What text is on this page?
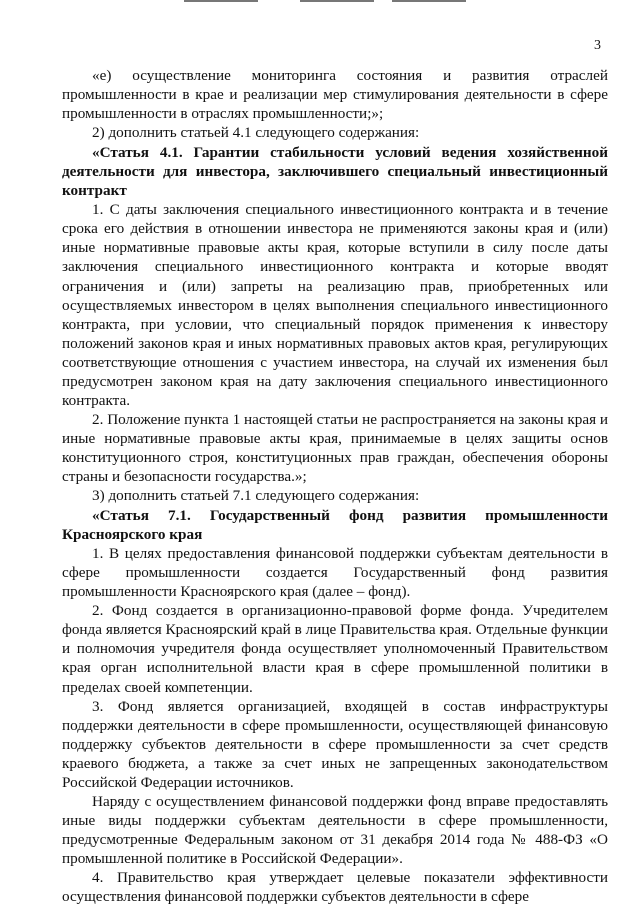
3

«е) осуществление мониторинга состояния и развития отраслей промышленности в крае и реализации мер стимулирования деятельности в сфере промышленности в отраслях промышленности;»;

2) дополнить статьей 4.1 следующего содержания:

«Статья 4.1. Гарантии стабильности условий ведения хозяйственной деятельности для инвестора, заключившего специальный инвестиционный контракт

1. С даты заключения специального инвестиционного контракта и в течение срока его действия в отношении инвестора не применяются законы края и (или) иные нормативные правовые акты края, которые вступили в силу после даты заключения специального инвестиционного контракта и которые вводят ограничения и (или) запреты на реализацию прав, приобретенных или осуществляемых инвестором в целях выполнения специального инвестиционного контракта, при условии, что специальный порядок применения к инвестору положений законов края и иных нормативных правовых актов края, регулирующих соответствующие отношения с участием инвестора, на случай их изменения был предусмотрен законом края на дату заключения специального инвестиционного контракта.

2. Положение пункта 1 настоящей статьи не распространяется на законы края и иные нормативные правовые акты края, принимаемые в целях защиты основ конституционного строя, конституционных прав граждан, обеспечения обороны страны и безопасности государства.»;

3) дополнить статьей 7.1 следующего содержания:

«Статья 7.1. Государственный фонд развития промышленности Красноярского края

1. В целях предоставления финансовой поддержки субъектам деятельности в сфере промышленности создается Государственный фонд развития промышленности Красноярского края (далее – фонд).

2. Фонд создается в организационно-правовой форме фонда. Учредителем фонда является Красноярский край в лице Правительства края. Отдельные функции и полномочия учредителя фонда осуществляет уполномоченный Правительством края орган исполнительной власти края в сфере промышленной политики в пределах своей компетенции.

3. Фонд является организацией, входящей в состав инфраструктуры поддержки деятельности в сфере промышленности, осуществляющей финансовую поддержку субъектов деятельности в сфере промышленности за счет средств краевого бюджета, а также за счет иных не запрещенных законодательством Российской Федерации источников.

Наряду с осуществлением финансовой поддержки фонд вправе предоставлять иные виды поддержки субъектам деятельности в сфере промышленности, предусмотренные Федеральным законом от 31 декабря 2014 года № 488-ФЗ «О промышленной политике в Российской Федерации».

4. Правительство края утверждает целевые показатели эффективности осуществления финансовой поддержки субъектов деятельности в сфере
